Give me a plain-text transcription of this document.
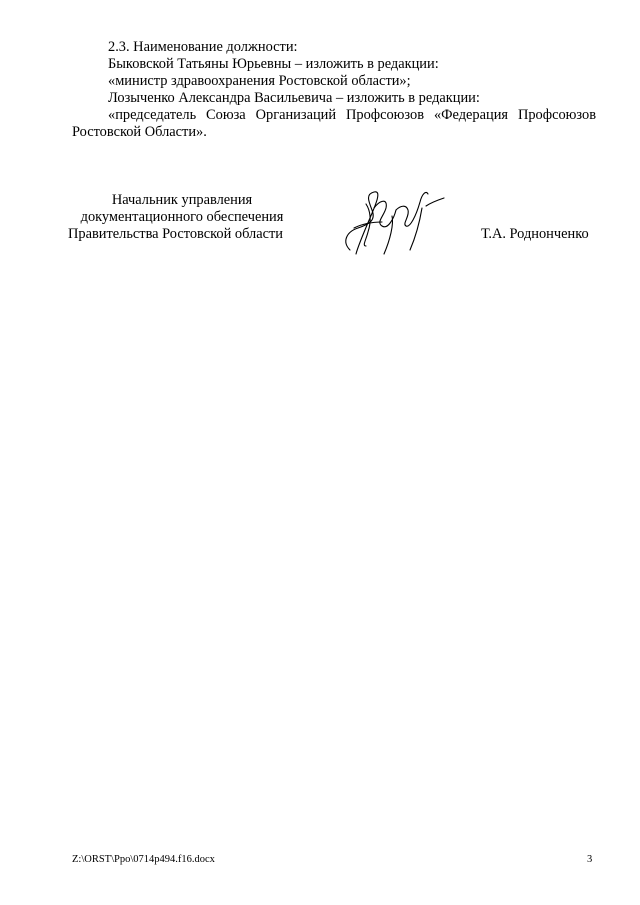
2.3. Наименование должности:
Быковской Татьяны Юрьевны – изложить в редакции:
«министр здравоохранения Ростовской области»;
Лозыченко Александра Васильевича – изложить в редакции:
«председатель Союза Организаций Профсоюзов «Федерация Профсоюзов
Ростовской Области».
Начальник управления
документационного обеспечения
Правительства Ростовской области	Т.А. Роднонченко
Z:\ORST\Ppo\0714p494.f16.docx	3
